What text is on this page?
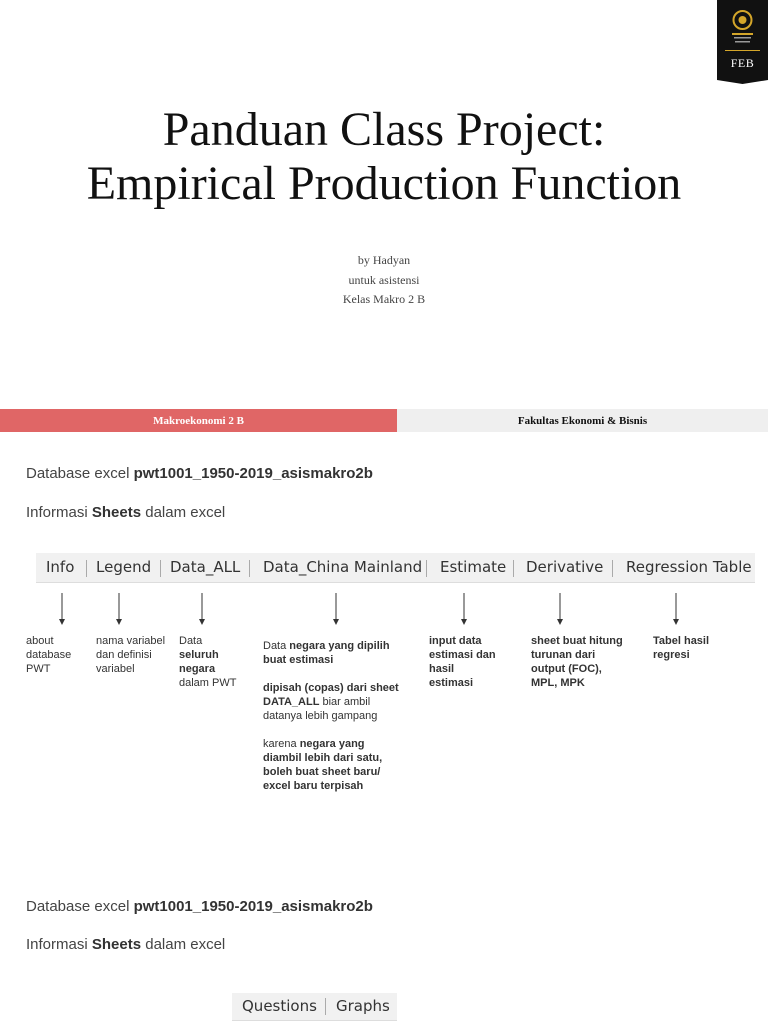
FEB
Panduan Class Project:
Empirical Production Function
by Hadyan
untuk asistensi
Kelas Makro 2 B
Makroekonomi 2 B	Fakultas Ekonomi & Bisnis
Database excel pwt1001_1950-2019_asismakro2b
Informasi Sheets dalam excel
Info Legend Data_ALL Data_China Mainland Estimate Derivative Regression Table
about database PWT
nama variabel dan definisi variabel
Data
seluruh negara
dalam PWT

Data negara yang dipilih buat estimasi

dipisah (copas) dari sheet DATA_ALL biar ambil datanya lebih gampang

karena negara yang diambil lebih dari satu, boleh buat sheet baru/ excel baru terpisah

input data estimasi dan hasil estimasi
sheet buat hitung turunan dari output (FOC), MPL, MPK
Tabel hasil regresi
Database excel pwt1001_1950-2019_asismakro2b
Informasi Sheets dalam excel
Questions Graphs
